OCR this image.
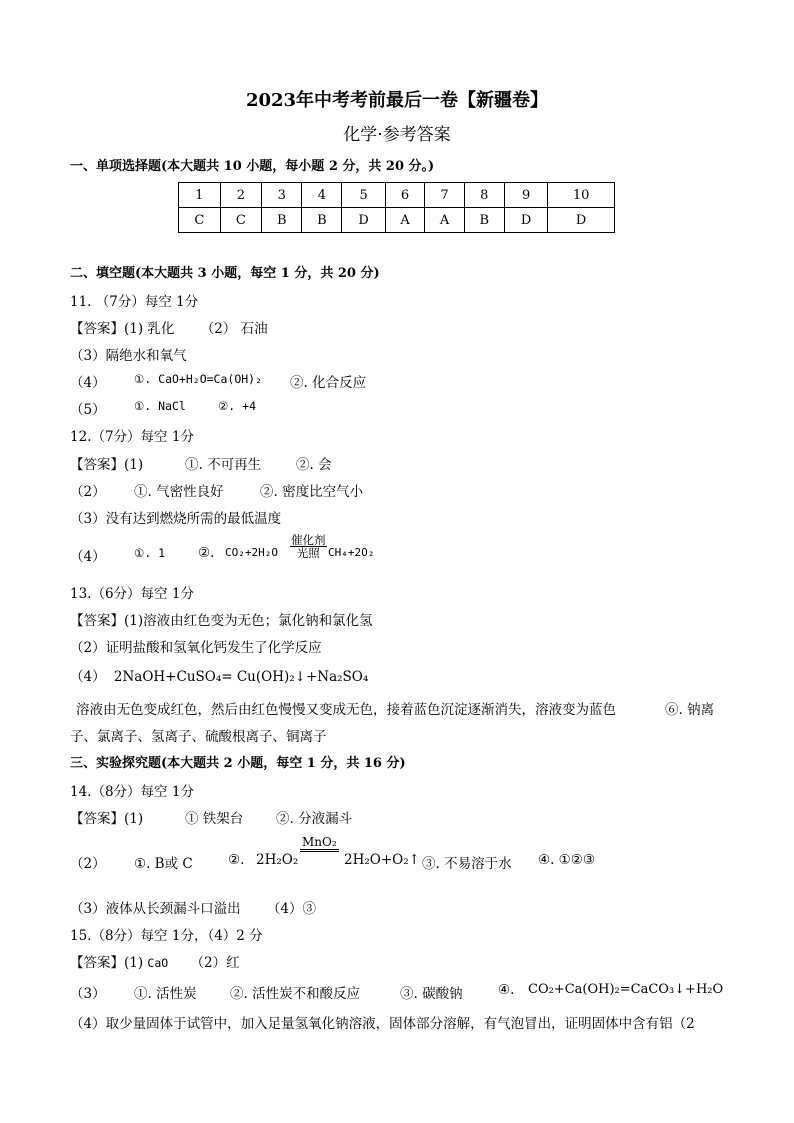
2023年中考考前最后一卷【新疆卷】
化学·参考答案
一、单项选择题(本大题共 10 小题，每小题 2 分，共 20 分。)
1	2	3	4	5	6	7	8	9	10
C	C	B	B	D	A	A	B	D	D
二、填空题(本大题共 3 小题，每空 1 分，共 20 分)
11. （7分）每空 1分
【答案】(1) 乳化 （2） 石油
（3）隔绝水和氧气
（4） ①. CaO+H₂O=Ca(OH)₂ ②. 化合反应
（5） ①. NaCl	②. +4
12.（7分）每空 1分
【答案】(1)	①. 不可再生	②. 会
（2） ①. 气密性良好	②. 密度比空气小
（3）没有达到燃烧所需的最低温度
（4） ①. 1 ②. CO₂+2H₂O
催化剂
光照 CH₄+2O₂
13.（6分）每空 1分
【答案】(1)溶液由红色变为无色；氯化钠和氯化氢
（2）证明盐酸和氢氧化钙发生了化学反应
（4） 2NaOH+CuSO₄= Cu(OH)₂↓+Na₂SO₄
溶液由无色变成红色，然后由红色慢慢又变成无色，接着蓝色沉淀逐渐消失，溶液变为蓝色	⑥. 钠离
子、氯离子、氢离子、硫酸根离子、铜离子
三、实验探究题(本大题共 2 小题，每空 1 分，共 16 分)
14.（8分）每空 1分
【答案】(1)	① 铁架台 ②. 分液漏斗
（2） ①. B或 C	②. 2H₂O₂
MnO₂

2H₂O+O₂↑ ③. 不易溶于水 ④. ①②③
（3）液体从长颈漏斗口溢出 （4）③
15.（8分）每空 1分，（4）2 分
【答案】(1) CaO （2）红
（3） ①. 活性炭 ②. 活性炭不和酸反应	③. 碳酸钠	④. CO₂+Ca(OH)₂=CaCO₃↓+H₂O
（4）取少量固体于试管中，加入足量氢氧化钠溶液，固体部分溶解，有气泡冒出，证明固体中含有铝（2
